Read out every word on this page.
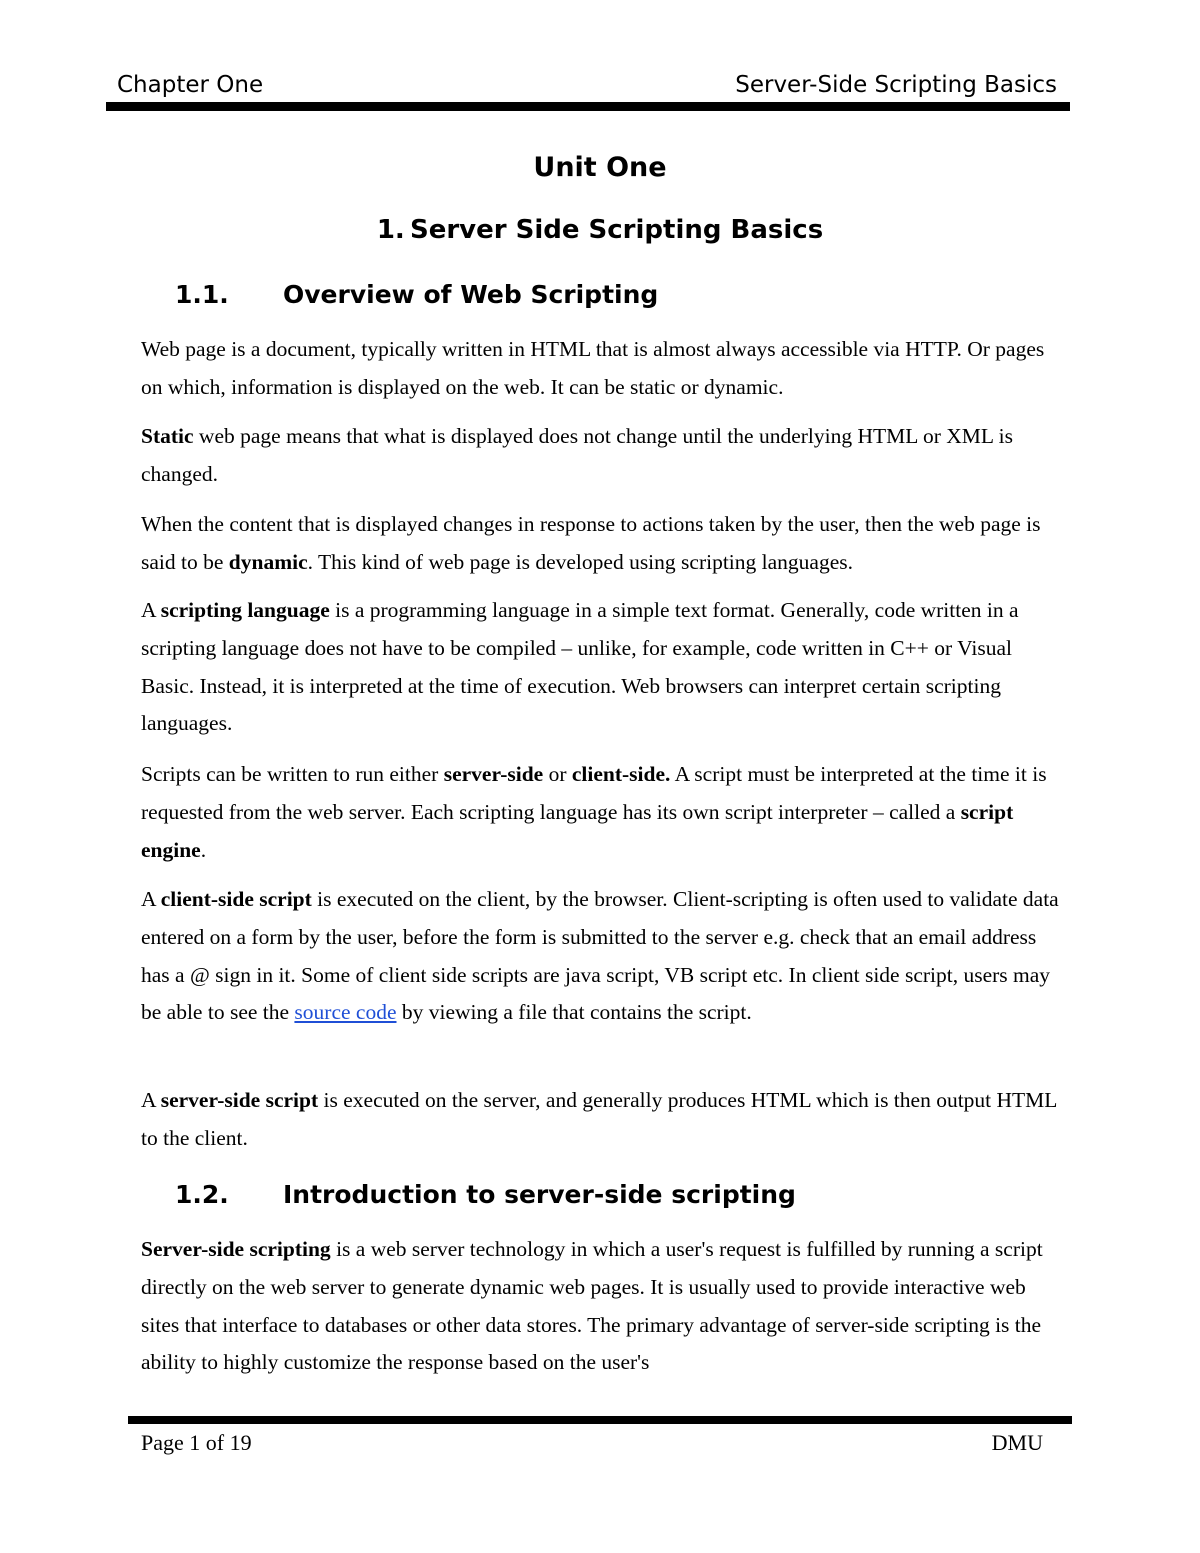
Chapter One	Server-Side Scripting Basics
Unit One
1. Server Side Scripting Basics
1.1. Overview of Web Scripting

Web page is a document, typically written in HTML that is almost always accessible via HTTP. Or pages on which, information is displayed on the web. It can be static or dynamic.

Static web page means that what is displayed does not change until the underlying HTML or XML is changed.

When the content that is displayed changes in response to actions taken by the user, then the web page is said to be dynamic. This kind of web page is developed using scripting languages.

A scripting language is a programming language in a simple text format. Generally, code written in a scripting language does not have to be compiled – unlike, for example, code written in C++ or Visual Basic. Instead, it is interpreted at the time of execution. Web browsers can interpret certain scripting languages.

Scripts can be written to run either server-side or client-side. A script must be interpreted at the time it is requested from the web server. Each scripting language has its own script interpreter – called a script engine.

A client-side script is executed on the client, by the browser. Client-scripting is often used to validate data entered on a form by the user, before the form is submitted to the server e.g. check that an email address has a @ sign in it. Some of client side scripts are java script, VB script etc. In client side script, users may be able to see the source code by viewing a file that contains the script.

A server-side script is executed on the server, and generally produces HTML which is then output HTML to the client.

1.2. Introduction to server-side scripting

Server-side scripting is a web server technology in which a user's request is fulfilled by running a script directly on the web server to generate dynamic web pages. It is usually used to provide interactive web sites that interface to databases or other data stores. The primary advantage of server-side scripting is the ability to highly customize the response based on the user's

Page 1 of 19	DMU
